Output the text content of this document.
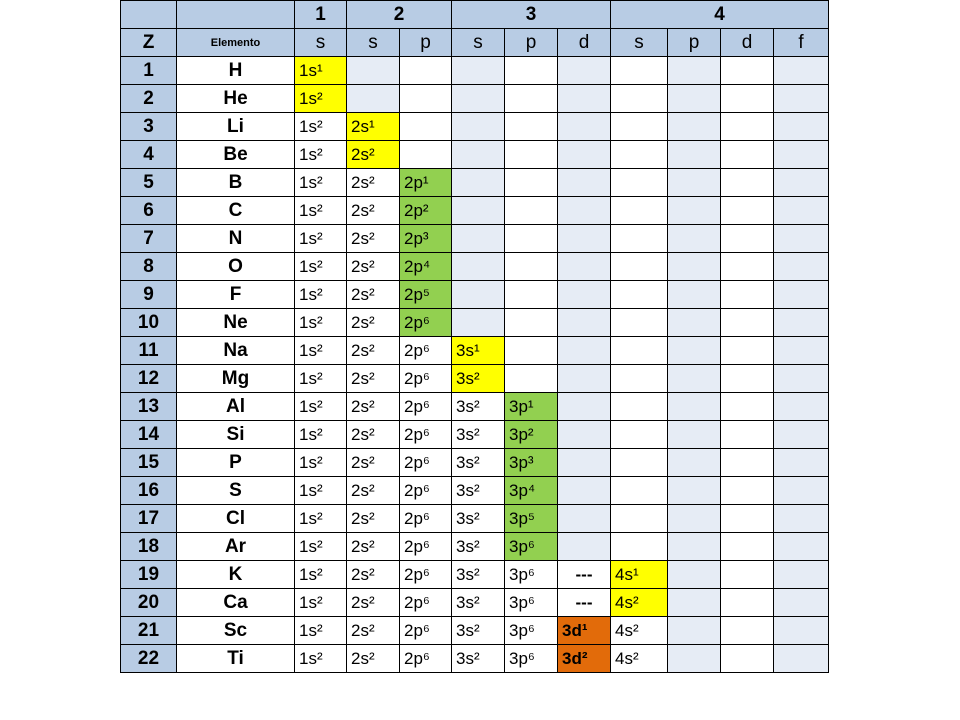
		1	2		3			4			
Z	Elemento	s	s	p	s	p	d	s	p	d	f
1	H	1s¹									
2	He	1s²									
3	Li	1s²	2s¹								
4	Be	1s²	2s²								
5	B	1s²	2s²	2p¹							
6	C	1s²	2s²	2p²							
7	N	1s²	2s²	2p³							
8	O	1s²	2s²	2p⁴							
9	F	1s²	2s²	2p⁵							
10	Ne	1s²	2s²	2p⁶							
11	Na	1s²	2s²	2p⁶	3s¹						
12	Mg	1s²	2s²	2p⁶	3s²						
13	Al	1s²	2s²	2p⁶	3s²	3p¹					
14	Si	1s²	2s²	2p⁶	3s²	3p²					
15	P	1s²	2s²	2p⁶	3s²	3p³					
16	S	1s²	2s²	2p⁶	3s²	3p⁴					
17	Cl	1s²	2s²	2p⁶	3s²	3p⁵					
18	Ar	1s²	2s²	2p⁶	3s²	3p⁶					
19	K	1s²	2s²	2p⁶	3s²	3p⁶	---	4s¹			
20	Ca	1s²	2s²	2p⁶	3s²	3p⁶	---	4s²			
21	Sc	1s²	2s²	2p⁶	3s²	3p⁶	3d¹	4s²			
22	Ti	1s²	2s²	2p⁶	3s²	3p⁶	3d²	4s²			
